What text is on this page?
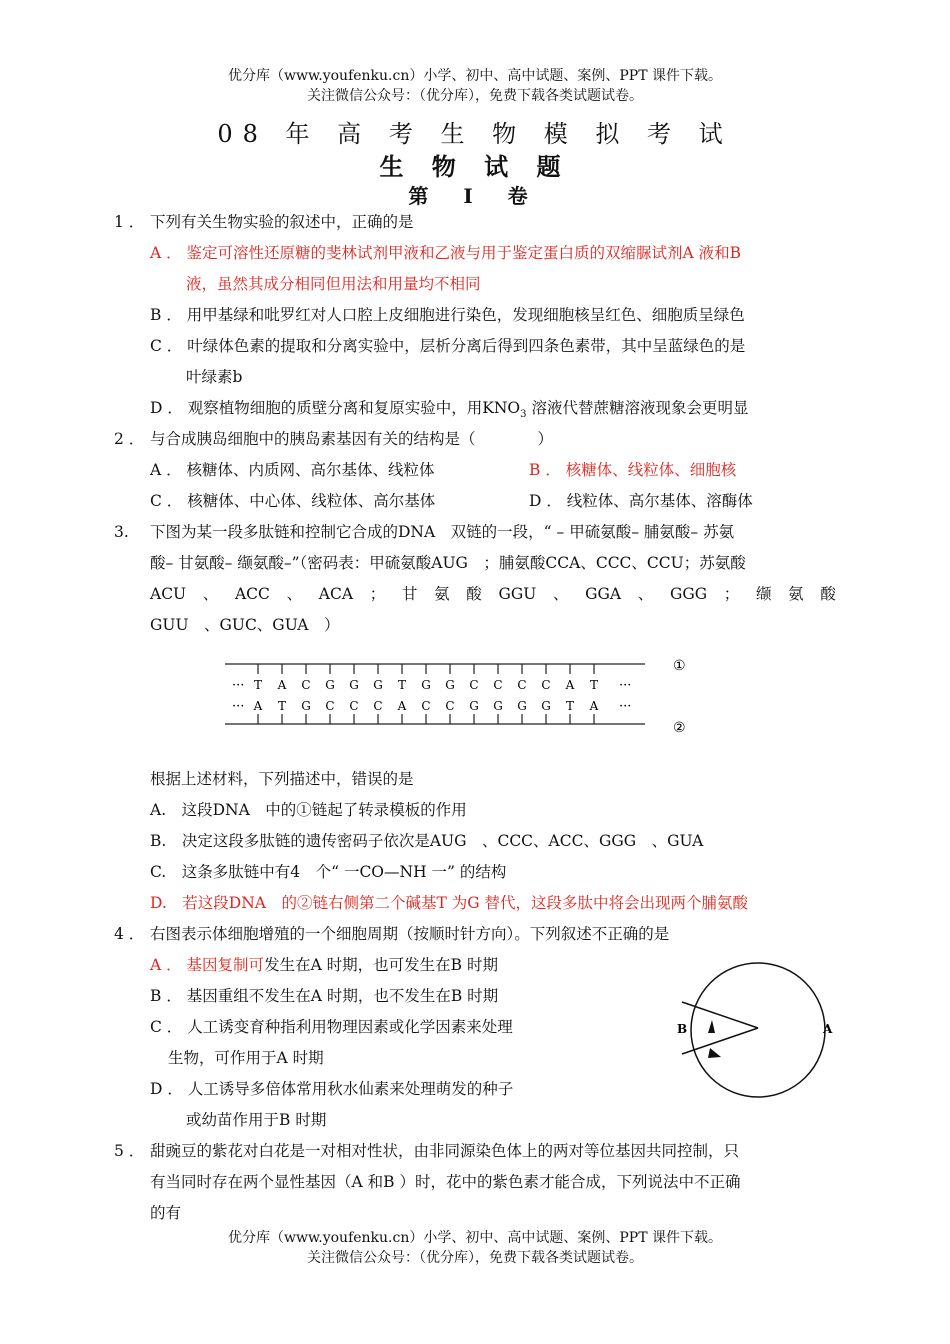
优分库（www.youfenku.cn）小学、初中、高中试题、案例、PPT 课件下载。
关注微信公众号：（优分库），免费下载各类试题试卷。
08 年 高 考 生 物 模 拟 考 试
生 物 试 题
第 Ⅰ 卷
1 ． 下列有关生物实验的叙述中，正确的是
A ． 鉴定可溶性还原糖的斐林试剂甲液和乙液与用于鉴定蛋白质的双缩脲试剂A 液和B
液，虽然其成分相同但用法和用量均不相同
B ． 用甲基绿和吡罗红对人口腔上皮细胞进行染色，发现细胞核呈红色、细胞质呈绿色
C ． 叶绿体色素的提取和分离实验中，层析分离后得到四条色素带，其中呈蓝绿色的是
叶绿素b
D ． 观察植物细胞的质壁分离和复原实验中，用$KNO_3$ 溶液代替蔗糖溶液现象会更明显
2 ． 与合成胰岛细胞中的胰岛素基因有关的结构是（　　　　）
A ． 核糖体、内质网、高尔基体、线粒体	B ． 核糖体、线粒体、细胞核
C ． 核糖体、中心体、线粒体、高尔基体	D ． 线粒体、高尔基体、溶酶体
3. 下图为某一段多肽链和控制它合成的DNA　双链的一段，“ – 甲硫氨酸– 脯氨酸– 苏氨
酸– 甘氨酸– 缬氨酸–”（密码表：甲硫氨酸AUG　；脯氨酸CCA、CCC、CCU；苏氨酸
ACU 、 ACC 、 ACA ； 甘 氨 酸 GGU 、 GGA 、 GGG ； 缬 氨 酸
GUU　、GUC、GUA　）
T A C G G G T G G C C C C A T
A T G C C C A C C G G G G T A
···
···
···
···
①
②
根据上述材料，下列描述中，错误的是
A.　这段DNA　中的①链起了转录模板的作用
B.　决定这段多肽链的遗传密码子依次是AUG　、CCC、ACC、GGG　、GUA
C.　这条多肽链中有4　个“ 一CO—NH 一” 的结构
D.　若这段DNA　的②链右侧第二个碱基T 为G 替代，这段多肽中将会出现两个脯氨酸
4 ． 右图表示体细胞增殖的一个细胞周期（按顺时针方向）。下列叙述不正确的是
A ． 基因复制可发生在A 时期，也可发生在B 时期
B ． 基因重组不发生在A 时期，也不发生在B 时期
C ． 人工诱变育种指利用物理因素或化学因素来处理
生物，可作用于A 时期
D ． 人工诱导多倍体常用秋水仙素来处理萌发的种子
或幼苗作用于B 时期
B	A
5 ． 甜豌豆的紫花对白花是一对相对性状，由非同源染色体上的两对等位基因共同控制，只
有当同时存在两个显性基因（A 和B ）时，花中的紫色素才能合成，下列说法中不正确
的有
优分库（www.youfenku.cn）小学、初中、高中试题、案例、PPT 课件下载。
关注微信公众号：（优分库），免费下载各类试题试卷。
